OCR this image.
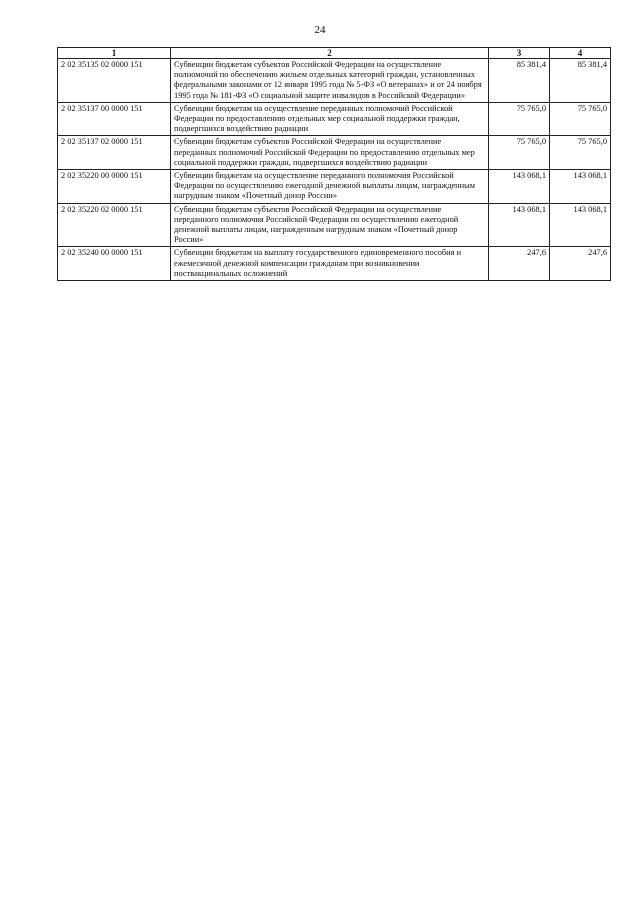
24
1	2	3	4
2 02 35135 02 0000 151	Субвенции бюджетам субъектов Российской Федерации на осуществление полномочий по обеспечению жильем отдельных категорий граждан, установленных федеральными законами от 12 января 1995 года № 5-ФЗ «О ветеранах» и от 24 ноября 1995 года № 181-ФЗ «О социальной защите инвалидов в Российской Федерации»	85 381,4	85 381,4
2 02 35137 00 0000 151	Субвенции бюджетам на осуществление переданных полномочий Российской Федерации по предоставлению отдельных мер социальной поддержки граждан, подвергшихся воздействию радиации	75 765,0	75 765,0
2 02 35137 02 0000 151	Субвенции бюджетам субъектов Российской Федерации на осуществление переданных полномочий Российской Федерации по предоставлению отдельных мер социальной поддержки граждан, подвергшихся воздействию радиации	75 765,0	75 765,0
2 02 35220 00 0000 151	Субвенции бюджетам на осуществление переданного полномочия Российской Федерации по осуществлению ежегодной денежной выплаты лицам, награжденным нагрудным знаком «Почетный донор России»	143 068,1	143 068,1
2 02 35220 02 0000 151	Субвенции бюджетам субъектов Российской Федерации на осуществление переданного полномочия Российской Федерации по осуществлению ежегодной денежной выплаты лицам, награжденным нагрудным знаком «Почетный донор России»	143 068,1	143 068,1
2 02 35240 00 0000 151	Субвенции бюджетам на выплату государственного единовременного пособия и ежемесячной денежной компенсации гражданам при возникновении поствакцинальных осложнений	247,6	247,6
